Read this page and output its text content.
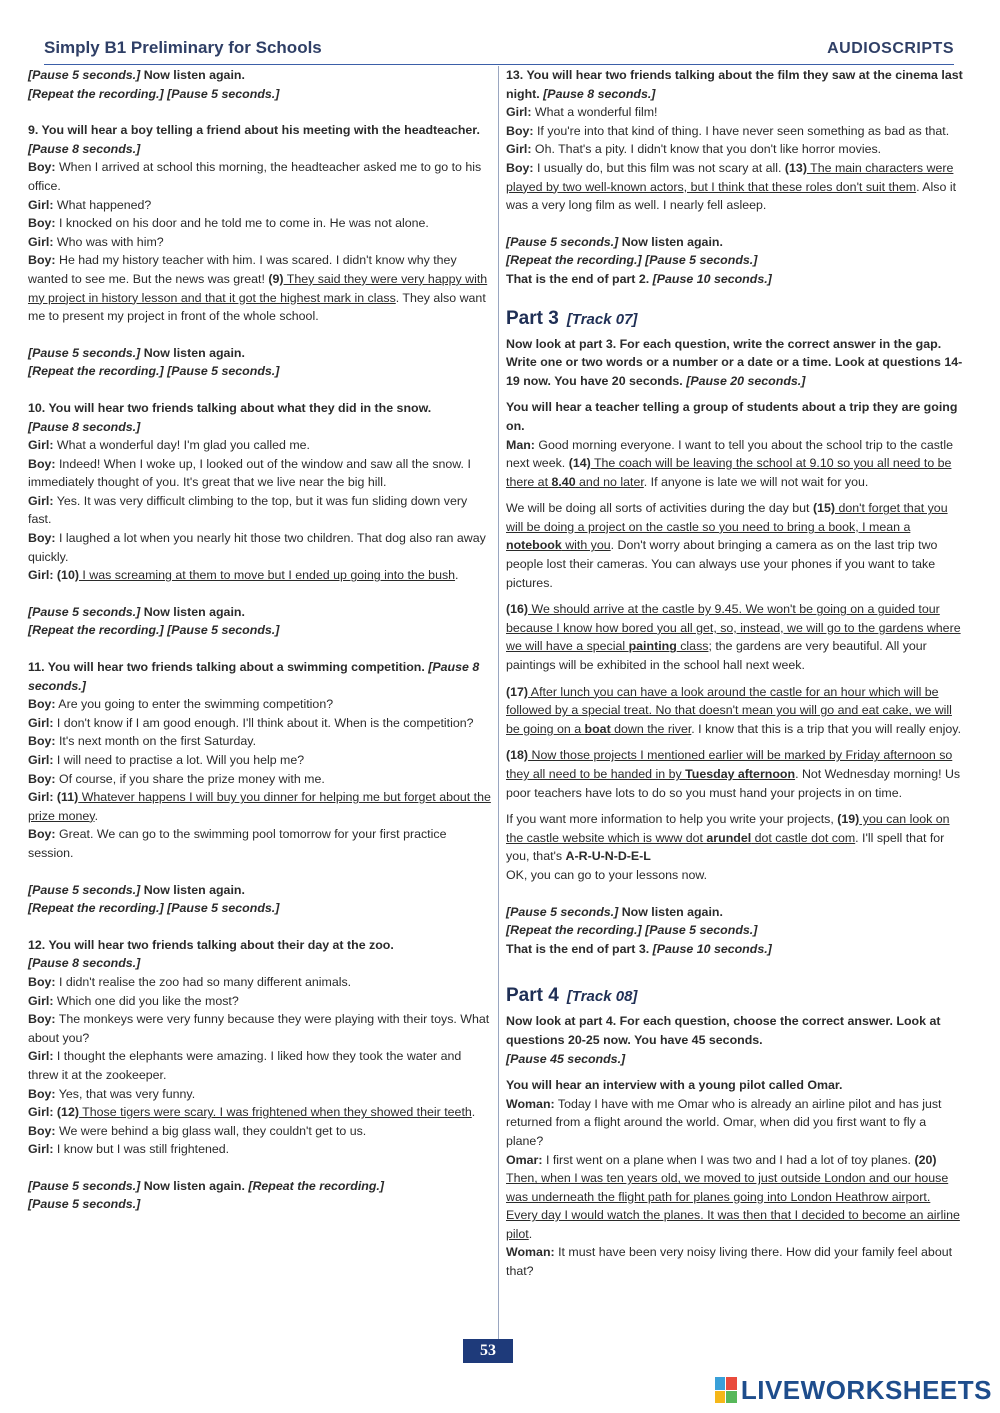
Simply B1 Preliminary for Schools	AUDIOSCRIPTS

[Pause 5 seconds.] Now listen again.

[Repeat the recording.] [Pause 5 seconds.]

9. You will hear a boy telling a friend about his meeting with the headteacher. [Pause 8 seconds.]

Boy: When I arrived at school this morning, the headteacher asked me to go to his office.

Girl: What happened?

Boy: I knocked on his door and he told me to come in. He was not alone.

Girl: Who was with him?

Boy: He had my history teacher with him. I was scared. I didn't know why they wanted to see me. But the news was great! (9) They said they were very happy with my project in history lesson and that it got the highest mark in class. They also want me to present my project in front of the whole school.

[Pause 5 seconds.] Now listen again.

[Repeat the recording.] [Pause 5 seconds.]

10. You will hear two friends talking about what they did in the snow.
[Pause 8 seconds.]

Girl: What a wonderful day! I'm glad you called me.

Boy: Indeed! When I woke up, I looked out of the window and saw all the snow. I immediately thought of you. It's great that we live near the big hill.

Girl: Yes. It was very difficult climbing to the top, but it was fun sliding down very fast.

Boy: I laughed a lot when you nearly hit those two children. That dog also ran away quickly.

Girl: (10) I was screaming at them to move but I ended up going into the bush.

[Pause 5 seconds.] Now listen again.

[Repeat the recording.] [Pause 5 seconds.]

11. You will hear two friends talking about a swimming competition. [Pause 8 seconds.]

Boy: Are you going to enter the swimming competition?

Girl: I don't know if I am good enough. I'll think about it. When is the competition?

Boy: It's next month on the first Saturday.

Girl: I will need to practise a lot. Will you help me?

Boy: Of course, if you share the prize money with me.

Girl: (11) Whatever happens I will buy you dinner for helping me but forget about the prize money.

Boy: Great. We can go to the swimming pool tomorrow for your first practice session.

[Pause 5 seconds.] Now listen again.

[Repeat the recording.] [Pause 5 seconds.]

12. You will hear two friends talking about their day at the zoo.
[Pause 8 seconds.]

Boy: I didn't realise the zoo had so many different animals.

Girl: Which one did you like the most?

Boy: The monkeys were very funny because they were playing with their toys. What about you?

Girl: I thought the elephants were amazing. I liked how they took the water and threw it at the zookeeper.

Boy: Yes, that was very funny.

Girl: (12) Those tigers were scary. I was frightened when they showed their teeth.

Boy: We were behind a big glass wall, they couldn't get to us.

Girl: I know but I was still frightened.

[Pause 5 seconds.] Now listen again. [Repeat the recording.]

[Pause 5 seconds.]

13. You will hear two friends talking about the film they saw at the cinema last night. [Pause 8 seconds.]

Girl: What a wonderful film!

Boy: If you're into that kind of thing. I have never seen something as bad as that.

Girl: Oh. That's a pity. I didn't know that you don't like horror movies.

Boy: I usually do, but this film was not scary at all. (13) The main characters were played by two well-known actors, but I think that these roles don't suit them. Also it was a very long film as well. I nearly fell asleep.

[Pause 5 seconds.] Now listen again.

[Repeat the recording.] [Pause 5 seconds.]

That is the end of part 2. [Pause 10 seconds.]

Part 3 [Track 07]

Now look at part 3. For each question, write the correct answer in the gap. Write one or two words or a number or a date or a time. Look at questions 14-19 now. You have 20 seconds. [Pause 20 seconds.]

You will hear a teacher telling a group of students about a trip they are going on.

Man: Good morning everyone. I want to tell you about the school trip to the castle next week. (14) The coach will be leaving the school at 9.10 so you all need to be there at 8.40 and no later. If anyone is late we will not wait for you.

We will be doing all sorts of activities during the day but (15) don't forget that you will be doing a project on the castle so you need to bring a book, I mean a notebook with you. Don't worry about bringing a camera as on the last trip two people lost their cameras. You can always use your phones if you want to take pictures.

(16) We should arrive at the castle by 9.45. We won't be going on a guided tour because I know how bored you all get, so, instead, we will go to the gardens where we will have a special painting class; the gardens are very beautiful. All your paintings will be exhibited in the school hall next week.

(17) After lunch you can have a look around the castle for an hour which will be followed by a special treat. No that doesn't mean you will go and eat cake, we will be going on a boat down the river. I know that this is a trip that you will really enjoy.

(18) Now those projects I mentioned earlier will be marked by Friday afternoon so they all need to be handed in by Tuesday afternoon. Not Wednesday morning! Us poor teachers have lots to do so you must hand your projects in on time.

If you want more information to help you write your projects, (19) you can look on the castle website which is www dot arundel dot castle dot com. I'll spell that for you, that's A-R-U-N-D-E-L

OK, you can go to your lessons now.

[Pause 5 seconds.] Now listen again.

[Repeat the recording.] [Pause 5 seconds.]

That is the end of part 3. [Pause 10 seconds.]

Part 4 [Track 08]

Now look at part 4. For each question, choose the correct answer. Look at questions 20-25 now. You have 45 seconds.

[Pause 45 seconds.]

You will hear an interview with a young pilot called Omar.

Woman: Today I have with me Omar who is already an airline pilot and has just returned from a flight around the world. Omar, when did you first want to fly a plane?

Omar: I first went on a plane when I was two and I had a lot of toy planes. (20) Then, when I was ten years old, we moved to just outside London and our house was underneath the flight path for planes going into London Heathrow airport. Every day I would watch the planes. It was then that I decided to become an airline pilot.

Woman: It must have been very noisy living there. How did your family feel about that?

53
LIVEWORKSHEETS
